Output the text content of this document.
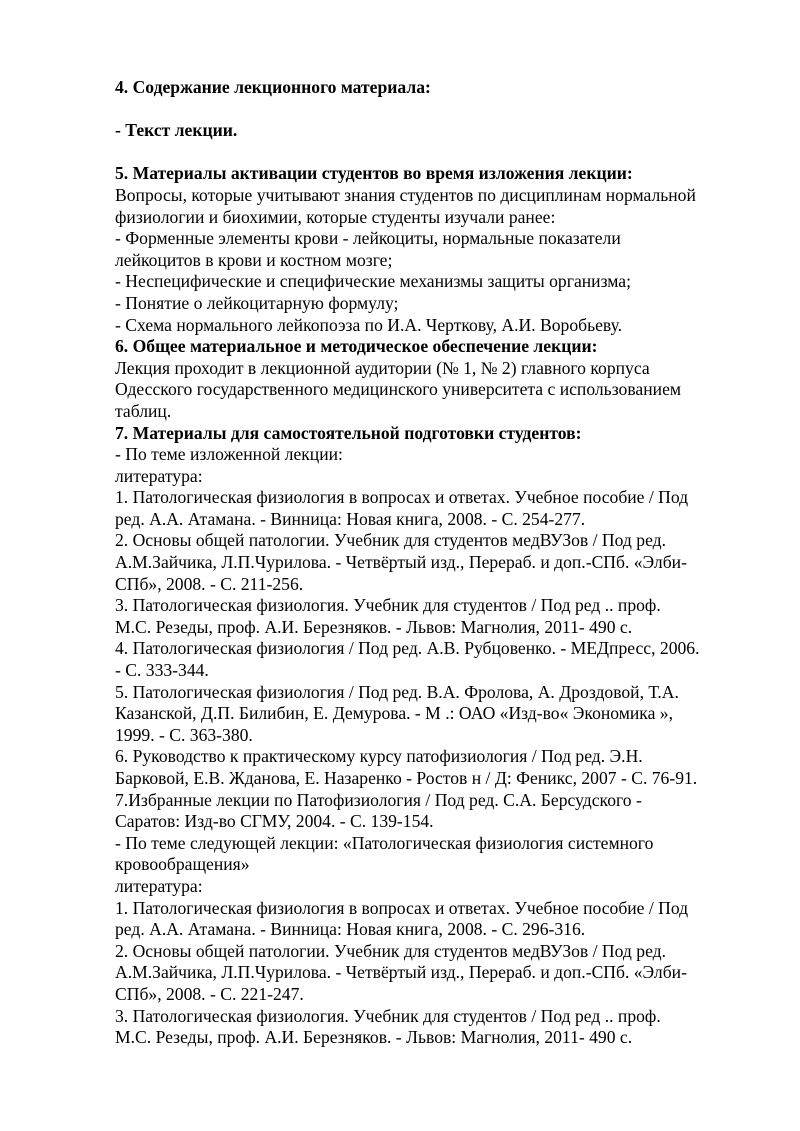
4. Содержание лекционного материала:
- Текст лекции.
5. Материалы активации студентов во время изложения лекции:
Вопросы, которые учитывают знания студентов по дисциплинам нормальной
физиологии и биохимии, которые студенты изучали ранее:
- Форменные элементы крови - лейкоциты, нормальные показатели
лейкоцитов в крови и костном мозге;
- Неспецифические и специфические механизмы защиты организма;
- Понятие о лейкоцитарную формулу;
- Схема нормального лейкопоэза по И.А. Черткову, А.И. Воробьеву.
6. Общее материальное и методическое обеспечение лекции:
Лекция проходит в лекционной аудитории (№ 1, № 2) главного корпуса
Одесского государственного медицинского университета с использованием
таблиц.
7. Материалы для самостоятельной подготовки студентов:
- По теме изложенной лекции:
литература:
1. Патологическая физиология в вопросах и ответах. Учебное пособие / Под
ред. А.А. Атамана. - Винница: Новая книга, 2008. - С. 254-277.
2. Основы общей патологии. Учебник для студентов медВУЗов / Под ред.
А.М.Зайчика, Л.П.Чурилова. - Четвёртый изд., Перераб. и доп.-СПб. «Элби-
СПб», 2008. - С. 211-256.
3. Патологическая физиология. Учебник для студентов / Под ред .. проф.
М.С. Резеды, проф. А.И. Березняков. - Львов: Магнолия, 2011- 490 с.
4. Патологическая физиология / Под ред. А.В. Рубцовенко. - МЕДпресс, 2006.
- С. 333-344.
5. Патологическая физиология / Под ред. В.А. Фролова, А. Дроздовой, Т.А.
Казанской, Д.П. Билибин, Е. Демурова. - М .: ОАО «Изд-во« Экономика »,
1999. - С. 363-380.
6. Руководство к практическому курсу патофизиология / Под ред. Э.Н.
Барковой, Е.В. Жданова, Е. Назаренко - Ростов н / Д: Феникс, 2007 - С. 76-91.
7.Избранные лекции по Патофизиология / Под ред. С.А. Берсудского -
Саратов: Изд-во СГМУ, 2004. - С. 139-154.
- По теме следующей лекции: «Патологическая физиология системного
кровообращения»
литература:
1. Патологическая физиология в вопросах и ответах. Учебное пособие / Под
ред. А.А. Атамана. - Винница: Новая книга, 2008. - С. 296-316.
2. Основы общей патологии. Учебник для студентов медВУЗов / Под ред.
А.М.Зайчика, Л.П.Чурилова. - Четвёртый изд., Перераб. и доп.-СПб. «Элби-
СПб», 2008. - С. 221-247.
3. Патологическая физиология. Учебник для студентов / Под ред .. проф.
М.С. Резеды, проф. А.И. Березняков. - Львов: Магнолия, 2011- 490 с.
